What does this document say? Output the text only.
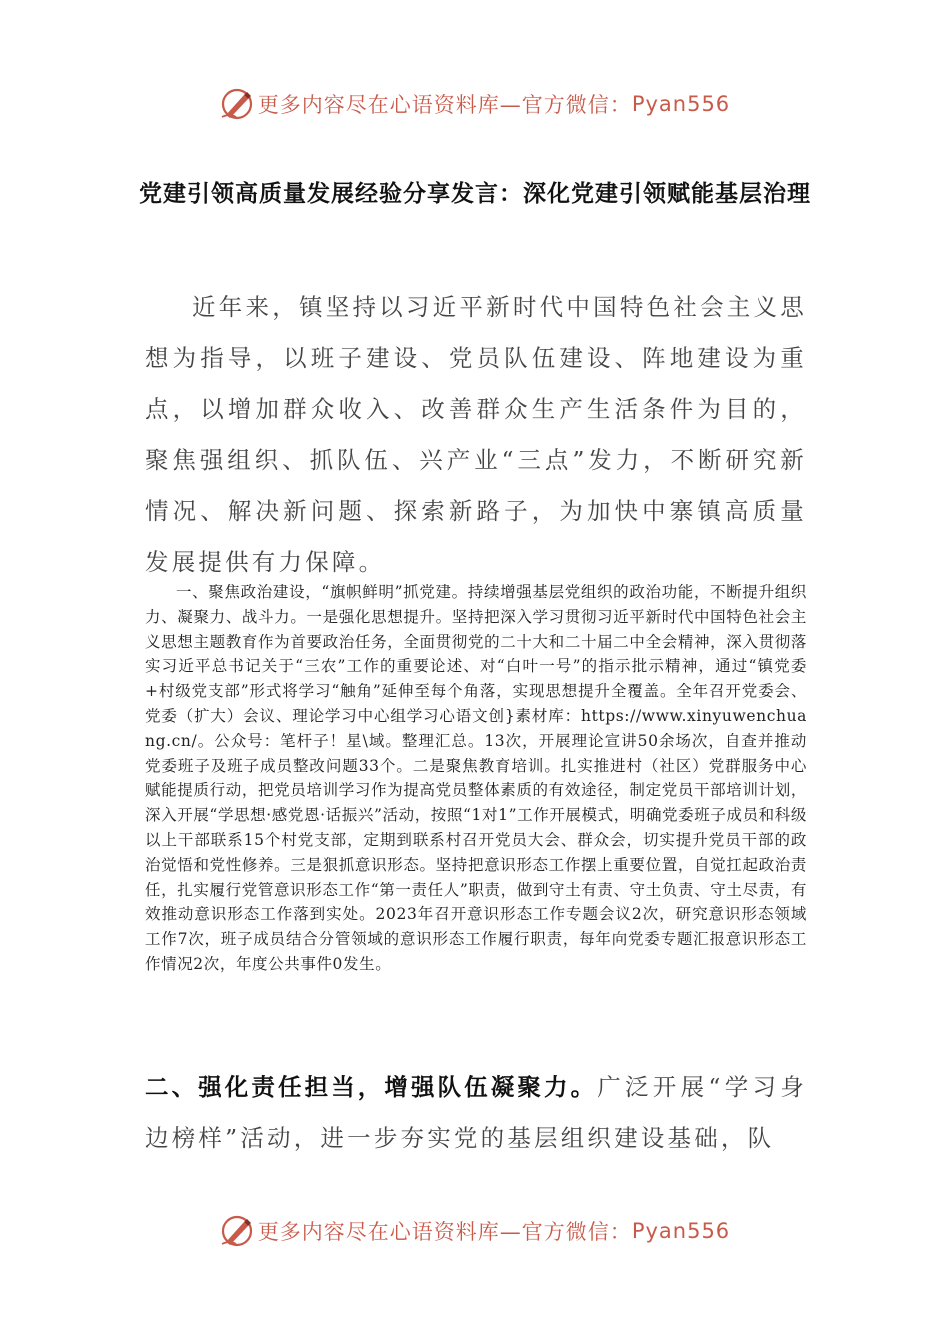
更多内容尽在心语资料库—官方微信： Pyan556
党建引领高质量发展经验分享发言：深化党建引领赋能基层治理

近年来，镇坚持以习近平新时代中国特色社会主义思想为指导，以班子建设、党员队伍建设、阵地建设为重点，以增加群众收入、改善群众生产生活条件为目的，聚焦强组织、抓队伍、兴产业“三点”发力，不断研究新情况、解决新问题、探索新路子，为加快中寨镇高质量发展提供有力保障。

一、聚焦政治建设，“旗帜鲜明”抓党建。持续增强基层党组织的政治功能，不断提升组织力、凝聚力、战斗力。一是强化思想提升。坚持把深入学习贯彻习近平新时代中国特色社会主义思想主题教育作为首要政治任务，全面贯彻党的二十大和二十届二中全会精神，深入贯彻落实习近平总书记关于“三农”工作的重要论述、对“白叶一号”的指示批示精神，通过“镇党委+村级党支部”形式将学习“触角”延伸至每个角落，实现思想提升全覆盖。全年召开党委会、党委（扩大）会议、理论学习中心组学习心语文创}素材库：https://www.xinyuwenchuang.cn/。公众号：笔杆子！星\域。整理汇总。13次，开展理论宣讲50余场次，自查并推动党委班子及班子成员整改问题33个。二是聚焦教育培训。扎实推进村（社区）党群服务中心赋能提质行动，把党员培训学习作为提高党员整体素质的有效途径，制定党员干部培训计划，深入开展“学思想·感党恩·话振兴”活动，按照“1对1”工作开展模式，明确党委班子成员和科级以上干部联系15个村党支部，定期到联系村召开党员大会、群众会，切实提升党员干部的政治觉悟和党性修养。三是狠抓意识形态。坚持把意识形态工作摆上重要位置，自觉扛起政治责任，扎实履行党管意识形态工作“第一责任人”职责，做到守土有责、守土负责、守土尽责，有效推动意识形态工作落到实处。2023年召开意识形态工作专题会议2次，研究意识形态领域工作7次，班子成员结合分管领域的意识形态工作履行职责，每年向党委专题汇报意识形态工作情况2次，年度公共事件0发生。

二、强化责任担当，增强队伍凝聚力。广泛开展“学习身边榜样”活动，进一步夯实党的基层组织建设基础，队

更多内容尽在心语资料库—官方微信： Pyan556
